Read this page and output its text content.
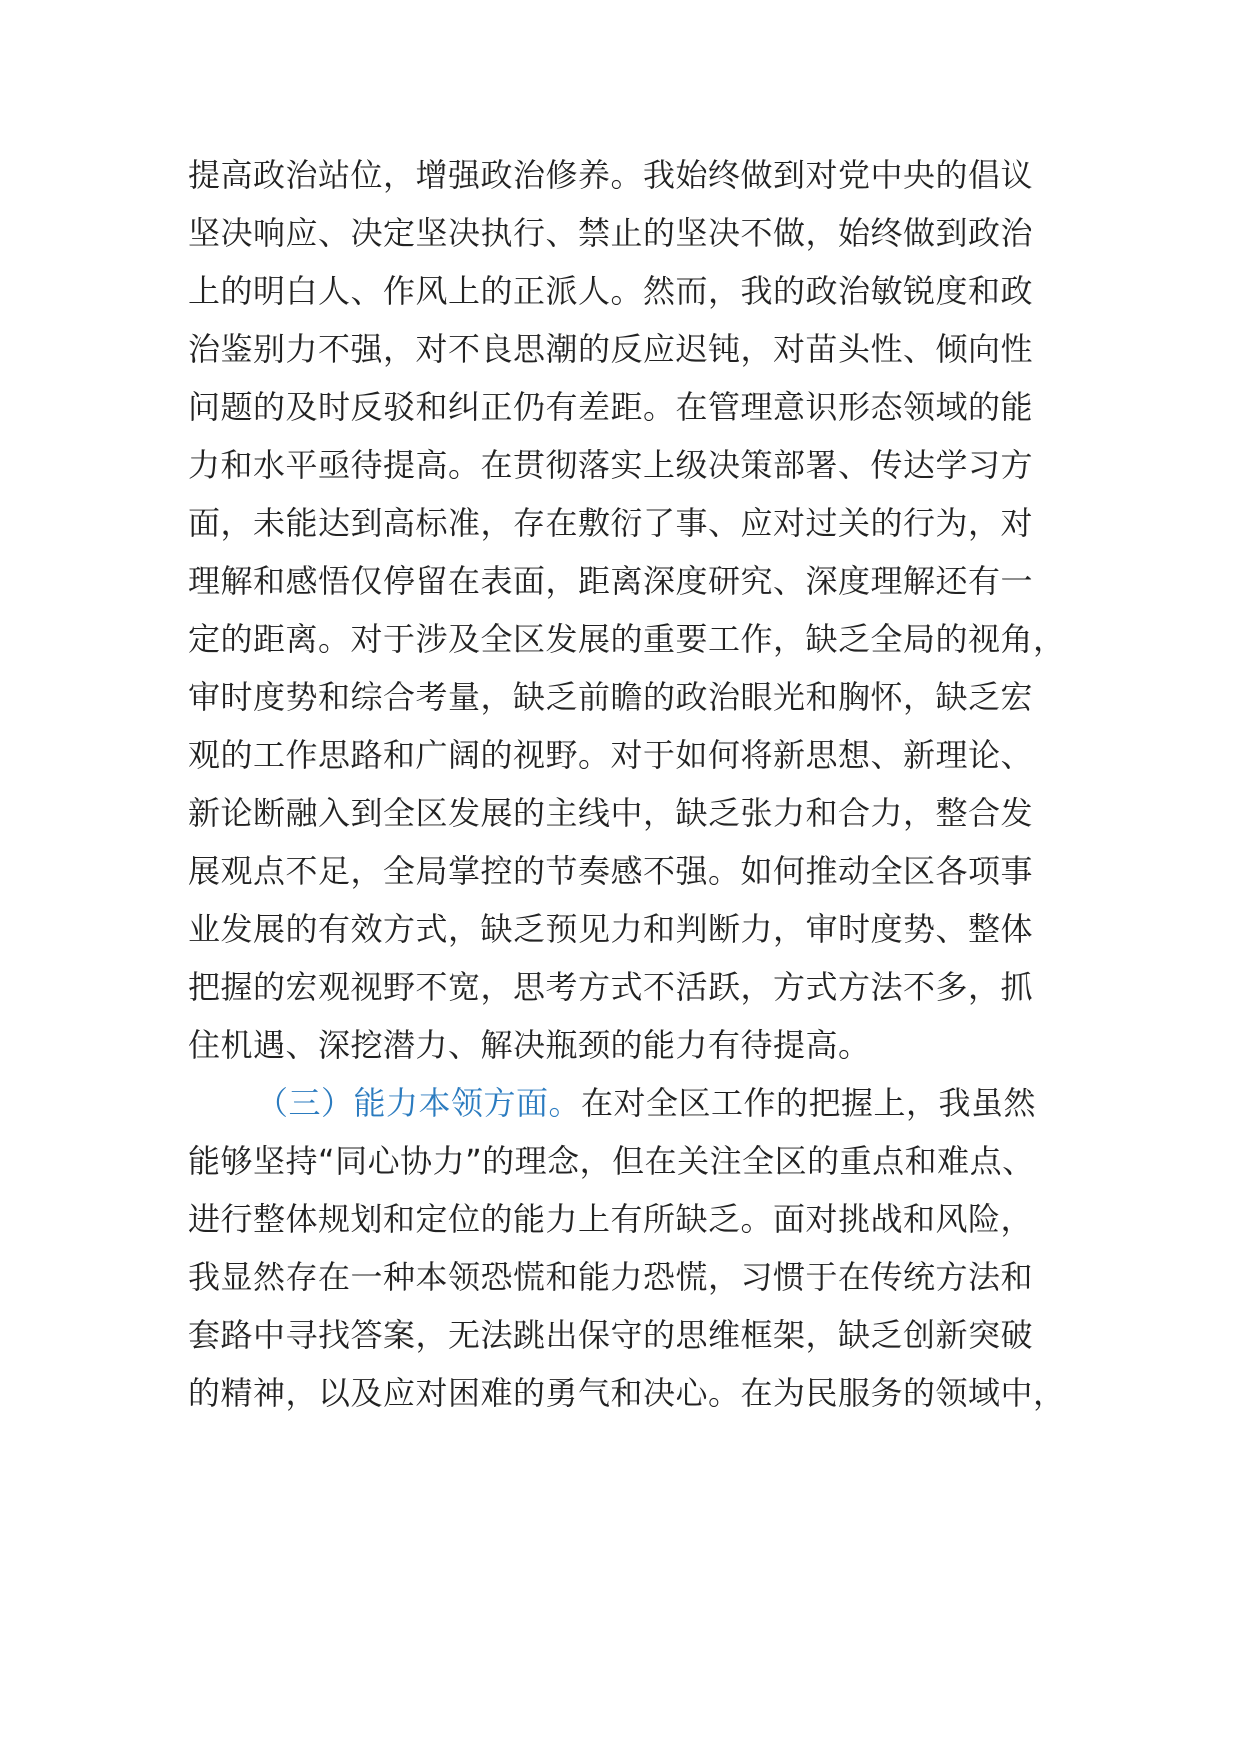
提高政治站位，增强政治修养。我始终做到对党中央的倡议
坚决响应、决定坚决执行、禁止的坚决不做，始终做到政治
上的明白人、作风上的正派人。然而，我的政治敏锐度和政
治鉴别力不强，对不良思潮的反应迟钝，对苗头性、倾向性
问题的及时反驳和纠正仍有差距。在管理意识形态领域的能
力和水平亟待提高。在贯彻落实上级决策部署、传达学习方
面，未能达到高标准，存在敷衍了事、应对过关的行为，对
理解和感悟仅停留在表面，距离深度研究、深度理解还有一
定的距离。对于涉及全区发展的重要工作，缺乏全局的视角，
审时度势和综合考量，缺乏前瞻的政治眼光和胸怀，缺乏宏
观的工作思路和广阔的视野。对于如何将新思想、新理论、
新论断融入到全区发展的主线中，缺乏张力和合力，整合发
展观点不足，全局掌控的节奏感不强。如何推动全区各项事
业发展的有效方式，缺乏预见力和判断力，审时度势、整体
把握的宏观视野不宽，思考方式不活跃，方式方法不多，抓
住机遇、深挖潜力、解决瓶颈的能力有待提高。
（三）能力本领方面。在对全区工作的把握上，我虽然
能够坚持“同心协力”的理念，但在关注全区的重点和难点、
进行整体规划和定位的能力上有所缺乏。面对挑战和风险，
我显然存在一种本领恐慌和能力恐慌，习惯于在传统方法和
套路中寻找答案，无法跳出保守的思维框架，缺乏创新突破
的精神，以及应对困难的勇气和决心。在为民服务的领域中，
